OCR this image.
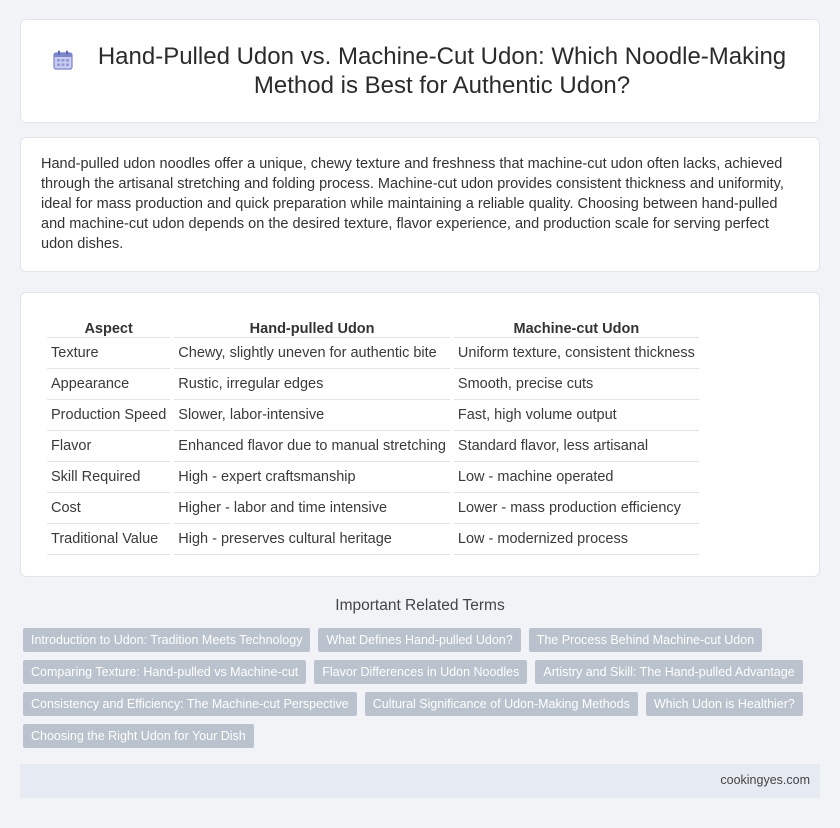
Hand-Pulled Udon vs. Machine-Cut Udon: Which Noodle-Making Method is Best for Authentic Udon?

Hand-pulled udon noodles offer a unique, chewy texture and freshness that machine-cut udon often lacks, achieved through the artisanal stretching and folding process. Machine-cut udon provides consistent thickness and uniformity, ideal for mass production and quick preparation while maintaining a reliable quality. Choosing between hand-pulled and machine-cut udon depends on the desired texture, flavor experience, and production scale for serving perfect udon dishes.

Aspect	Hand-pulled Udon	Machine-cut Udon
Texture	Chewy, slightly uneven for authentic bite	Uniform texture, consistent thickness
Appearance	Rustic, irregular edges	Smooth, precise cuts
Production Speed	Slower, labor-intensive	Fast, high volume output
Flavor	Enhanced flavor due to manual stretching	Standard flavor, less artisanal
Skill Required	High - expert craftsmanship	Low - machine operated
Cost	Higher - labor and time intensive	Lower - mass production efficiency
Traditional Value	High - preserves cultural heritage	Low - modernized process
Important Related Terms
Introduction to Udon: Tradition Meets Technology	What Defines Hand-pulled Udon?	The Process Behind Machine-cut Udon
Comparing Texture: Hand-pulled vs Machine-cut	Flavor Differences in Udon Noodles	Artistry and Skill: The Hand-pulled Advantage
Consistency and Efficiency: The Machine-cut Perspective	Cultural Significance of Udon-Making Methods	Which Udon is Healthier?
Choosing the Right Udon for Your Dish
cookingyes.com
